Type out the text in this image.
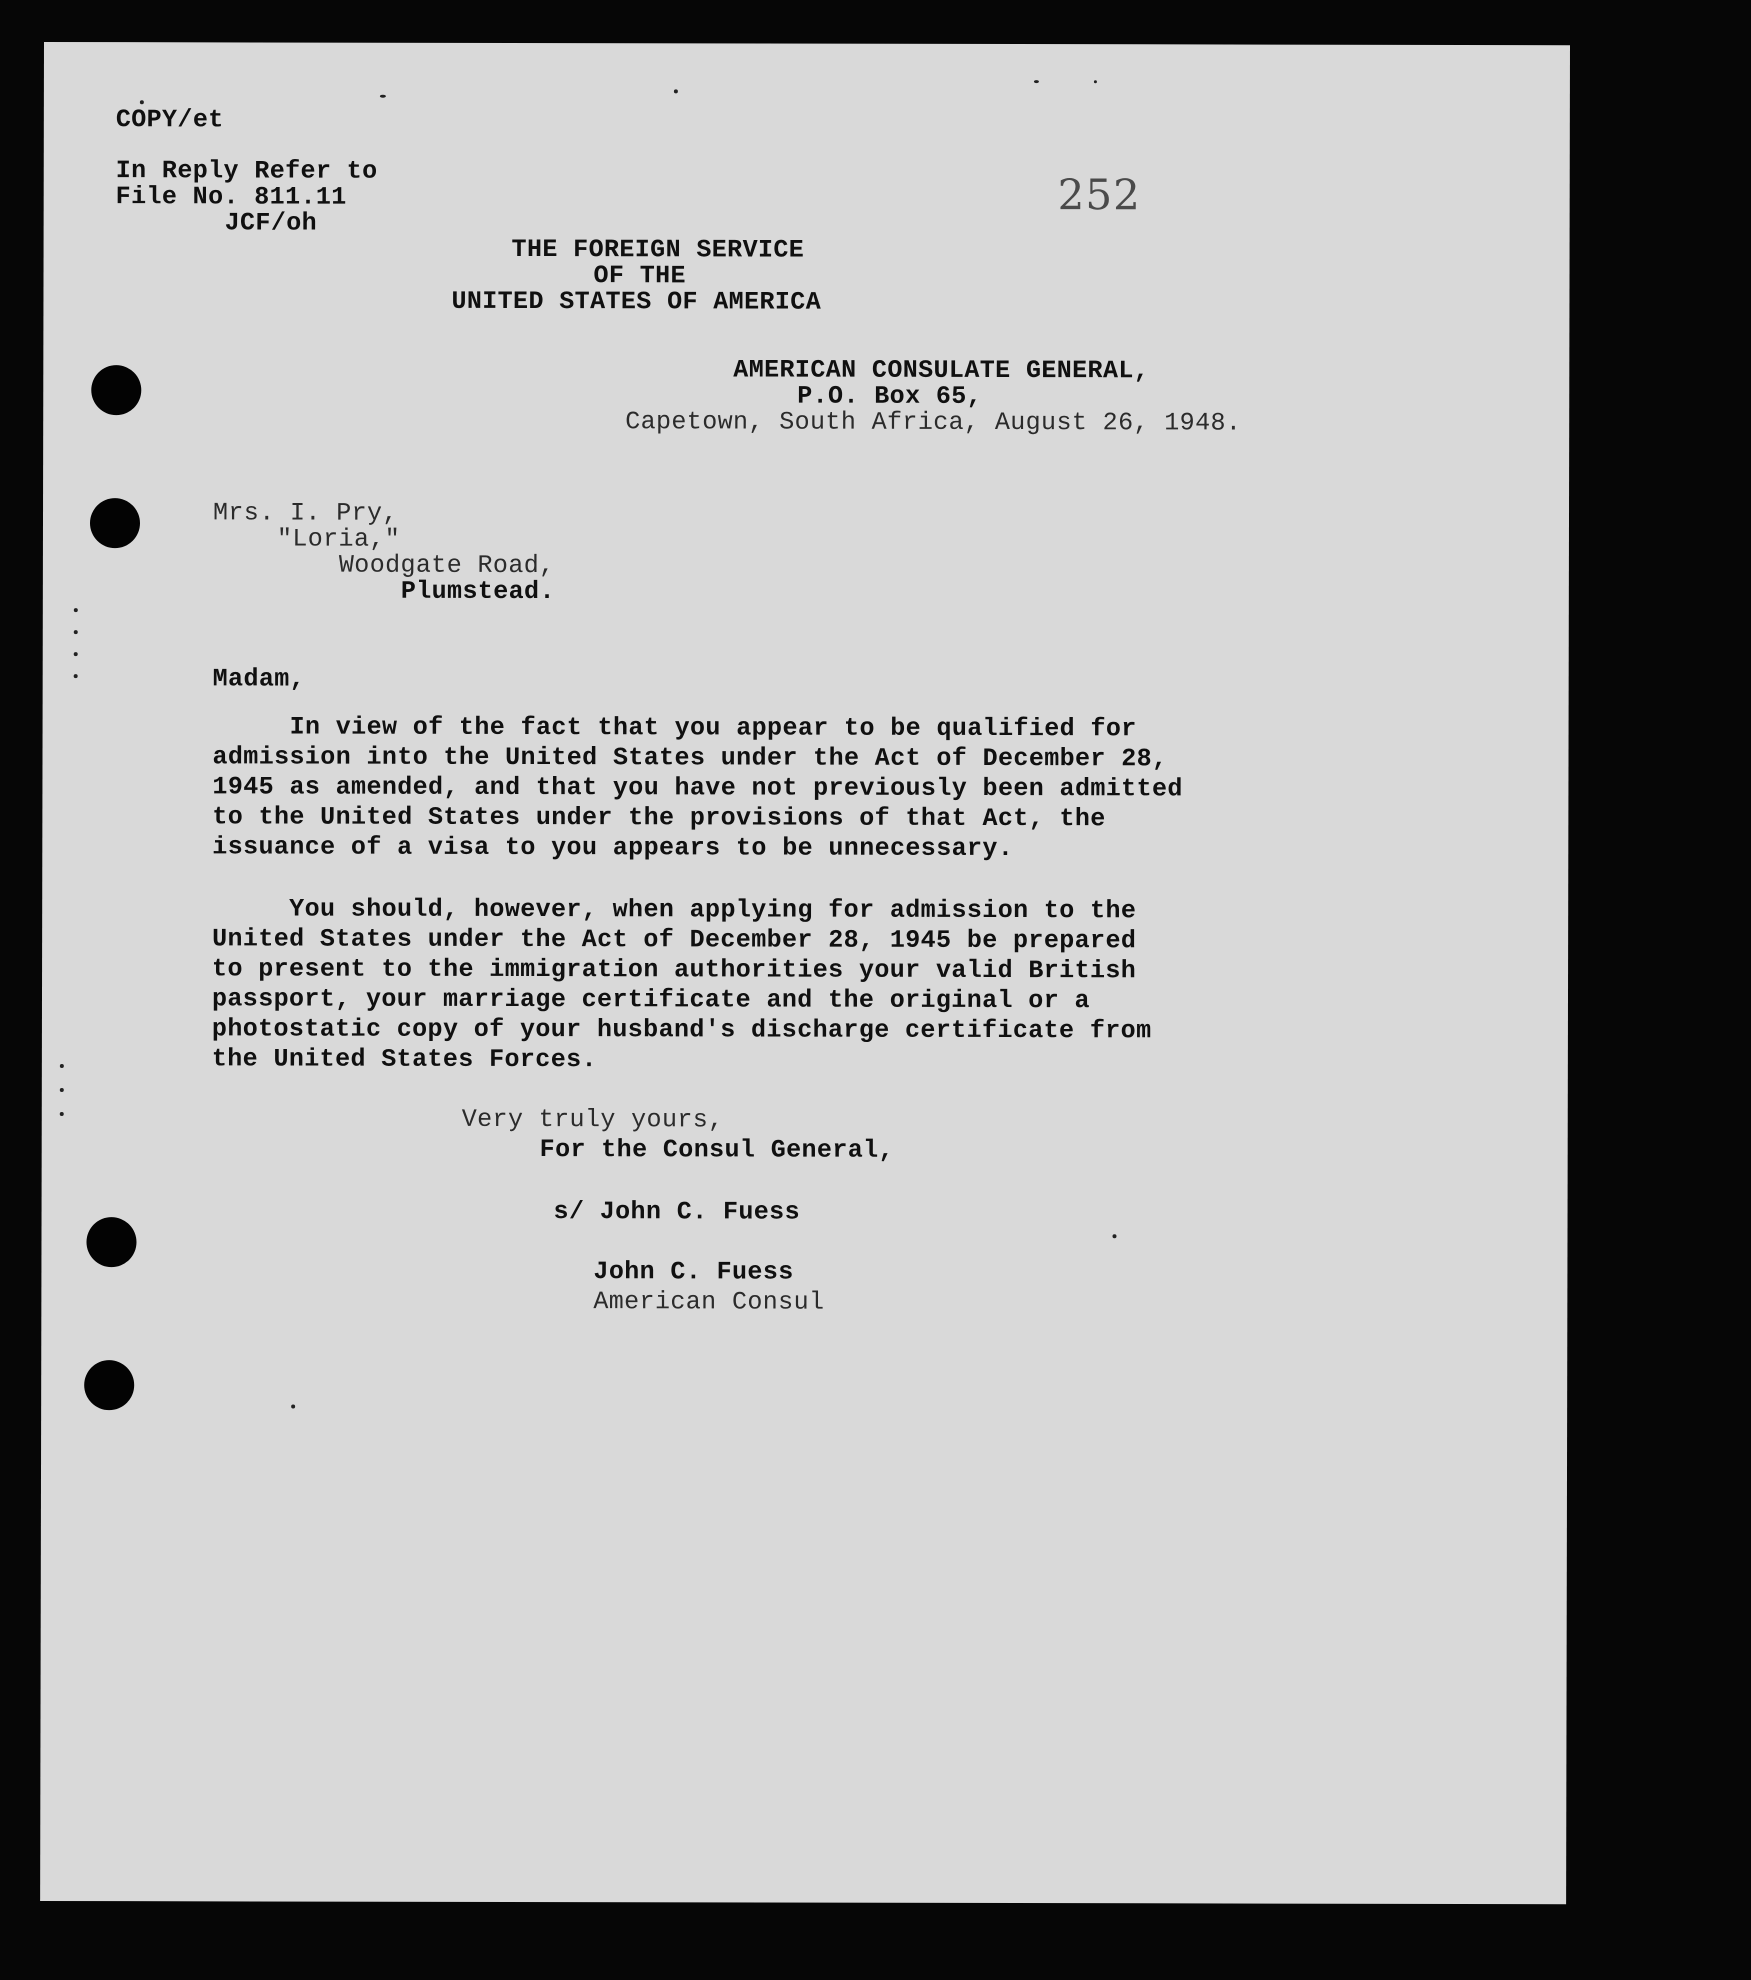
COPY/et
In Reply Refer to
File No. 811.11
JCF/oh
252
THE FOREIGN SERVICE
OF THE
UNITED STATES OF AMERICA
AMERICAN CONSULATE GENERAL,
P.O. Box 65,
Capetown, South Africa, August 26, 1948.
Mrs. I. Pry,
"Loria,"
Woodgate Road,
Plumstead.
Madam,
In view of the fact that you appear to be qualified for
admission into the United States under the Act of December 28,
1945 as amended, and that you have not previously been admitted
to the United States under the provisions of that Act, the
issuance of a visa to you appears to be unnecessary.
You should, however, when applying for admission to the
United States under the Act of December 28, 1945 be prepared
to present to the immigration authorities your valid British
passport, your marriage certificate and the original or a
photostatic copy of your husband's discharge certificate from
the United States Forces.
Very truly yours,
For the Consul General,
s/ John C. Fuess
John C. Fuess
American Consul
